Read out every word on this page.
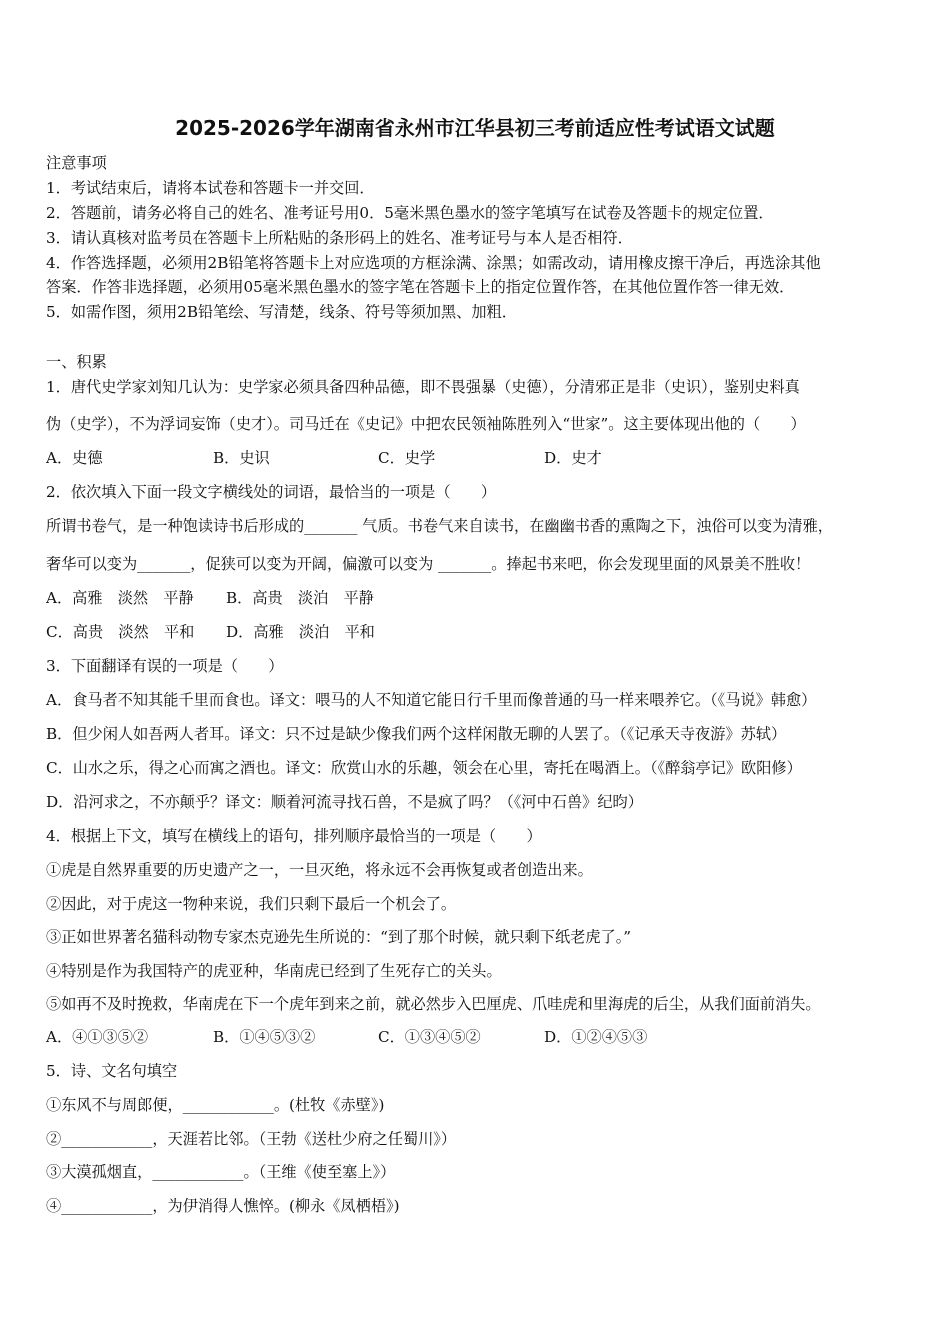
2025-2026学年湖南省永州市江华县初三考前适应性考试语文试题
注意事项
1．考试结束后，请将本试卷和答题卡一并交回．
2．答题前，请务必将自己的姓名、准考证号用0．5毫米黑色墨水的签字笔填写在试卷及答题卡的规定位置．
3．请认真核对监考员在答题卡上所粘贴的条形码上的姓名、准考证号与本人是否相符．
4．作答选择题，必须用2B铅笔将答题卡上对应选项的方框涂满、涂黑；如需改动，请用橡皮擦干净后，再选涂其他
答案．作答非选择题，必须用05毫米黑色墨水的签字笔在答题卡上的指定位置作答，在其他位置作答一律无效．
5．如需作图，须用2B铅笔绘、写清楚，线条、符号等须加黑、加粗．
一、积累
1．唐代史学家刘知几认为：史学家必须具备四种品德，即不畏强暴（史德），分清邪正是非（史识），鉴别史料真
伪（史学），不为浮词妄饰（史才）。司马迁在《史记》中把农民领袖陈胜列入“世家”。这主要体现出他的（　　）
A．史德	B．史识	C．史学	D．史才
2．依次填入下面一段文字横线处的词语，最恰当的一项是（　　）
所谓书卷气，是一种饱读诗书后形成的_______ 气质。书卷气来自读书，在幽幽书香的熏陶之下，浊俗可以变为清雅，
奢华可以变为_______，促狭可以变为开阔，偏激可以变为 _______。捧起书来吧，你会发现里面的风景美不胜收！
A．高雅　淡然　平静 B．高贵　淡泊　平静
C．高贵　淡然　平和 D．高雅　淡泊　平和
3．下面翻译有误的一项是（　　）
A．食马者不知其能千里而食也。译文：喂马的人不知道它能日行千里而像普通的马一样来喂养它。（《马说》韩愈）
B．但少闲人如吾两人者耳。译文：只不过是缺少像我们两个这样闲散无聊的人罢了。（《记承天寺夜游》苏轼）
C．山水之乐，得之心而寓之酒也。译文：欣赏山水的乐趣，领会在心里，寄托在喝酒上。（《醉翁亭记》欧阳修）
D．沿河求之，不亦颠乎？译文：顺着河流寻找石兽，不是疯了吗？（《河中石兽》纪昀）
4．根据上下文，填写在横线上的语句，排列顺序最恰当的一项是（　　）
①虎是自然界重要的历史遗产之一，一旦灭绝，将永远不会再恢复或者创造出来。
②因此，对于虎这一物种来说，我们只剩下最后一个机会了。
③正如世界著名猫科动物专家杰克逊先生所说的：“到了那个时候，就只剩下纸老虎了。”
④特别是作为我国特产的虎亚种，华南虎已经到了生死存亡的关头。
⑤如再不及时挽救，华南虎在下一个虎年到来之前，就必然步入巴厘虎、爪哇虎和里海虎的后尘，从我们面前消失。
A．④①③⑤②	B．①④⑤③②	C．①③④⑤②	D．①②④⑤③
5．诗、文名句填空
①东风不与周郎便，____________。(杜牧《赤壁》)
②____________，天涯若比邻。（王勃《送杜少府之任蜀川》）
③大漠孤烟直，____________。（王维《使至塞上》）
④____________，为伊消得人憔悴。(柳永《凤栖梧》)
